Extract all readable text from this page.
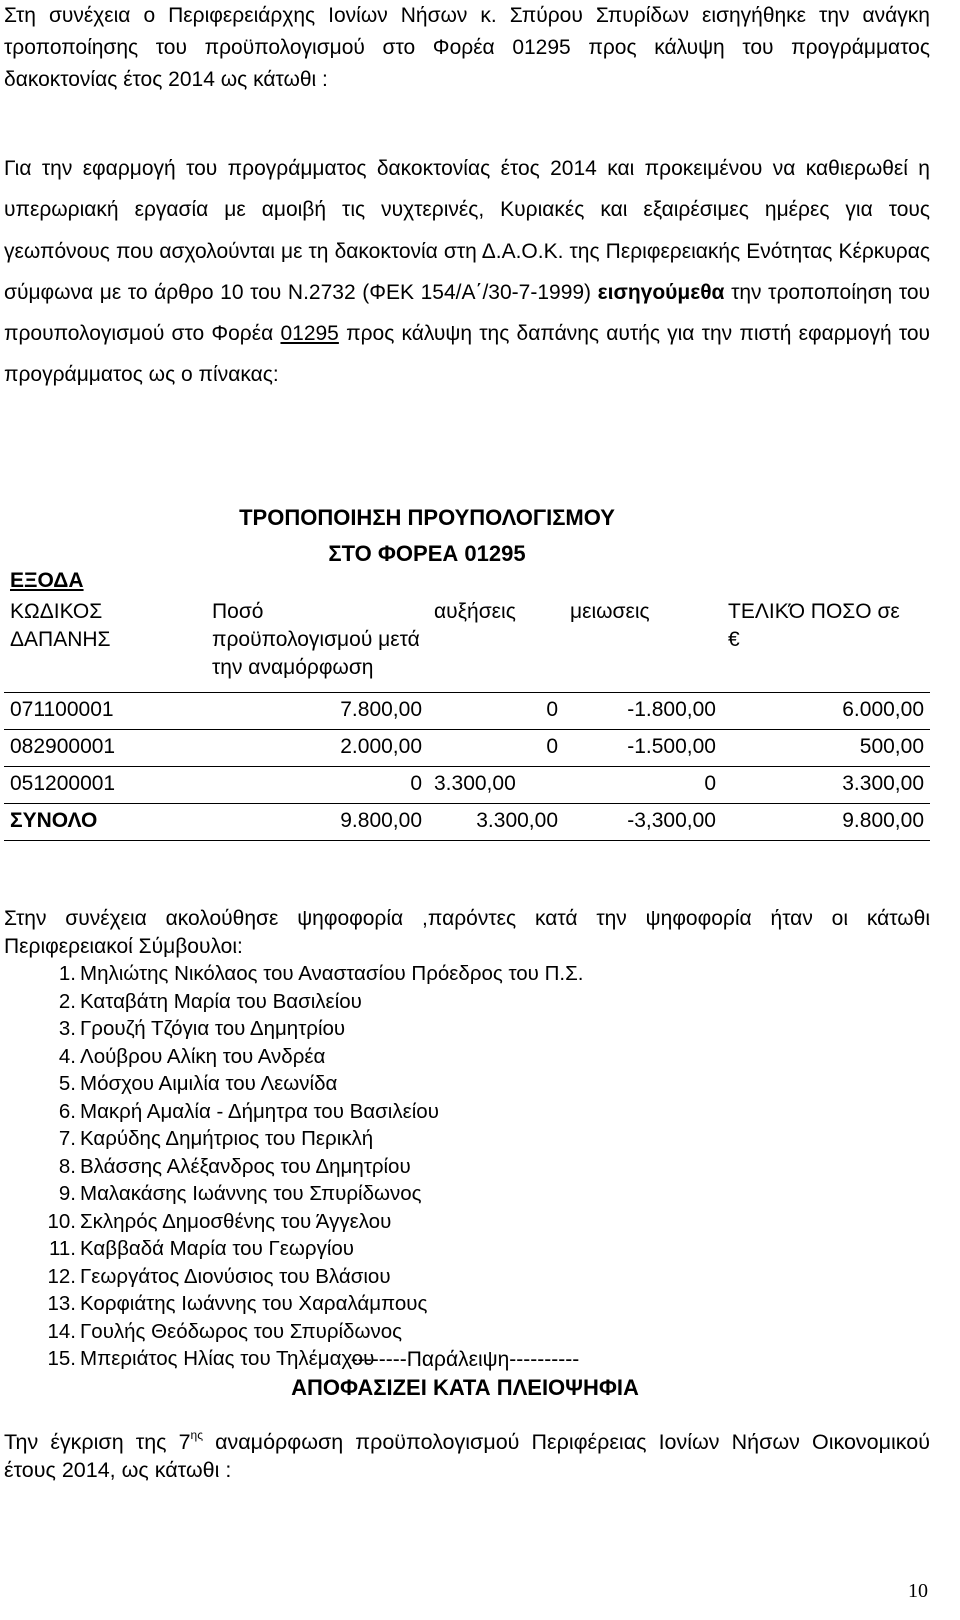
Στη συνέχεια ο Περιφερειάρχης Ιονίων Νήσων κ. Σπύρου Σπυρίδων εισηγήθηκε την ανάγκη τροποποίησης του προϋπολογισμού στο Φορέα 01295 προς κάλυψη του προγράμματος δακοκτονίας έτος 2014 ως κάτωθι :

Για την εφαρμογή του προγράμματος δακοκτονίας έτος 2014 και προκειμένου να καθιερωθεί η υπερωριακή εργασία με αμοιβή τις νυχτερινές, Κυριακές και εξαιρέσιμες ημέρες για τους γεωπόνους που ασχολούνται με τη δακοκτονία στη Δ.Α.Ο.Κ. της Περιφερειακής Ενότητας Κέρκυρας σύμφωνα με το άρθρο 10 του Ν.2732 (ΦΕΚ 154/Α΄/30-7-1999) εισηγούμεθα την τροποποίηση του προυπολογισμού στο Φορέα 01295 προς κάλυψη της δαπάνης αυτής για την πιστή εφαρμογή του προγράμματος ως ο πίνακας:

ΤΡΟΠΟΠΟΙΗΣΗ ΠΡΟΥΠΟΛΟΓΙΣΜΟΥ
ΣΤΟ ΦΟΡΕΑ 01295
ΕΞΟΔΑ				
ΚΩΔΙΚΟΣ ΔΑΠΑΝΗΣ	Ποσό προϋπολογισμού μετά την αναμόρφωση	αυξήσεις	μειωσεις	ΤΕΛΙΚΌ ΠΟΣΟ σε
€

071100001	7.800,00	0	-1.800,00	6.000,00
082900001	2.000,00	0	-1.500,00	500,00
051200001	0	3.300,00	0	3.300,00
ΣΥΝΟΛΟ	9.800,00	3.300,00	-3,300,00	9.800,00

Στην συνέχεια ακολούθησε ψηφοφορία ,παρόντες κατά την ψηφοφορία ήταν οι κάτωθι Περιφερειακοί Σύμβουλοι:

1. Μηλιώτης Νικόλαος του Αναστασίου Πρόεδρος του Π.Σ.
2. Καταβάτη Μαρία του Βασιλείου
3. Γρουζή Τζόγια του Δημητρίου
4. Λούβρου Αλίκη του Ανδρέα
5. Μόσχου Αιμιλία του Λεωνίδα
6. Μακρή Αμαλία - Δήμητρα του Βασιλείου
7. Καρύδης Δημήτριος του Περικλή
8. Βλάσσης Αλέξανδρος του Δημητρίου
9. Μαλακάσης Ιωάννης του Σπυρίδωνος
10. Σκληρός Δημοσθένης του Άγγελου
11. Καββαδά Μαρία του Γεωργίου
12. Γεωργάτος Διονύσιος του Βλάσιου
13. Κορφιάτης Ιωάννης του Χαραλάμπους
14. Γουλής Θεόδωρος του Σπυρίδωνος
15. Μπεριάτος Ηλίας του Τηλέμαχου
--------Παράλειψη----------
ΑΠΟΦΑΣΙΖΕΙ ΚΑΤΑ ΠΛΕΙΟΨΗΦΙΑ

Την έγκριση της $7^{\eta\varsigma}$ αναμόρφωση προϋπολογισμού Περιφέρειας Ιονίων Νήσων Οικονομικού έτους 2014, ως κάτωθι :

10
